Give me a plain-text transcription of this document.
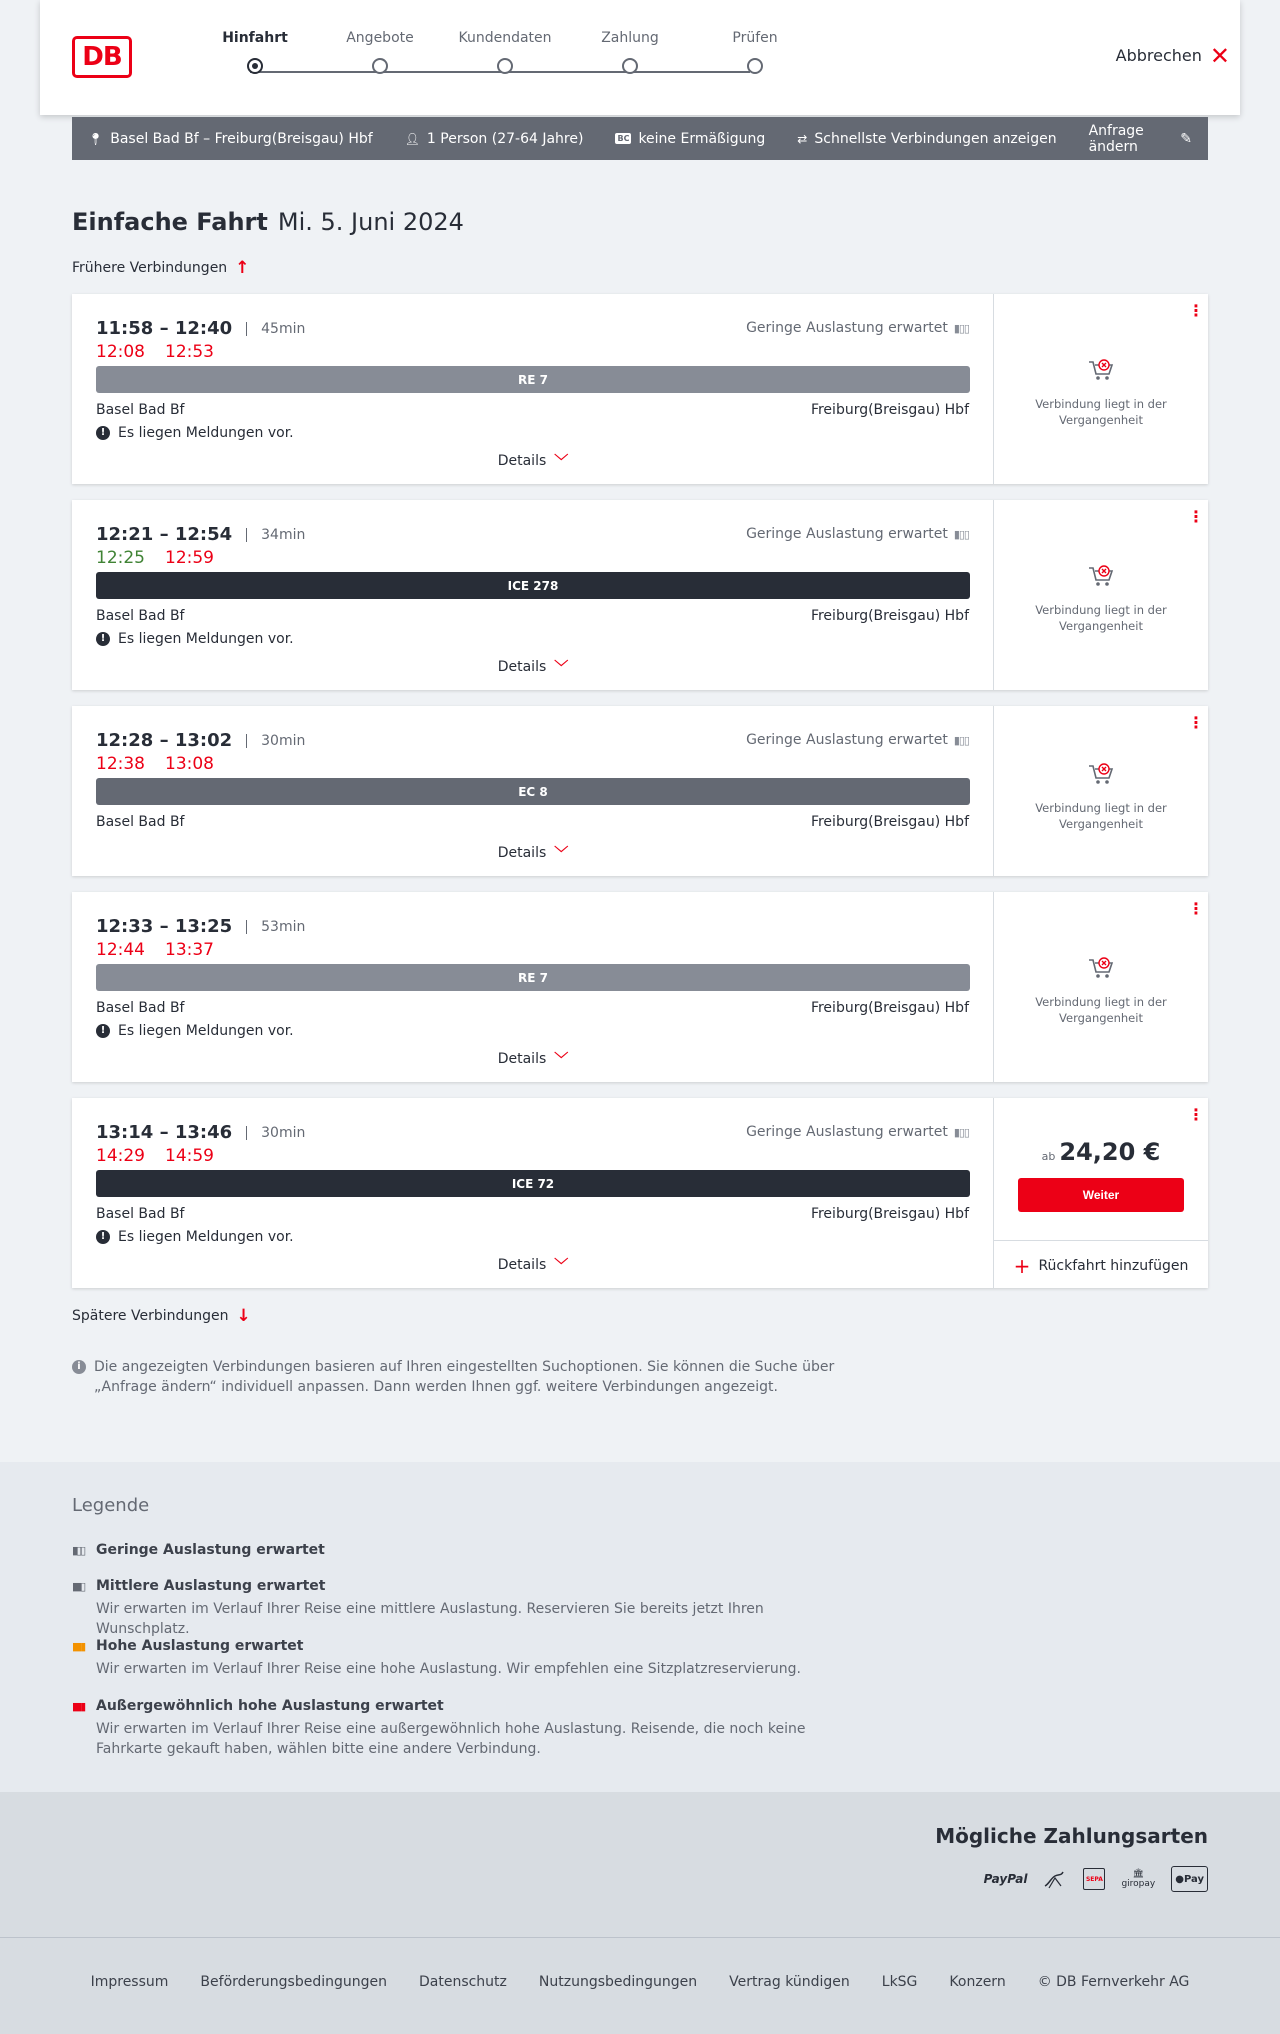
DB
Hinfahrt	Angebote	Kundendaten	Zahlung	Prüfen
Abbrechen ✕
📍︎ Basel Bad Bf – Freiburg(Breisgau) Hbf	👤︎ 1 Person (27-64 Jahre)	BC keine Ermäßigung	⇄ Schnellste Verbindungen anzeigen Anfrage ändern	✎
Einfache Fahrt Mi. 5. Juni 2024
Frühere Verbindungen ↑
11:58 – 12:40 45min
12:08 12:53
Geringe Auslastung erwartet ▮▯▯
RE 7
Basel Bad Bf	Freiburg(Breisgau) Hbf
! Es liegen Meldungen vor.
Details ﹀
⋮
Verbindung liegt in der Vergangenheit
12:21 – 12:54 34min
12:25 12:59
Geringe Auslastung erwartet ▮▯▯
ICE 278
Basel Bad Bf	Freiburg(Breisgau) Hbf
! Es liegen Meldungen vor.
Details ﹀
⋮
Verbindung liegt in der Vergangenheit
12:28 – 13:02 30min
12:38 13:08
Geringe Auslastung erwartet ▮▯▯
EC 8
Basel Bad Bf	Freiburg(Breisgau) Hbf
Details ﹀
⋮
Verbindung liegt in der Vergangenheit
12:33 – 13:25 53min
12:44 13:37
RE 7
Basel Bad Bf	Freiburg(Breisgau) Hbf
! Es liegen Meldungen vor.
Details ﹀
⋮
Verbindung liegt in der Vergangenheit
13:14 – 13:46 30min
14:29 14:59
Geringe Auslastung erwartet ▮▯▯
ICE 72
Basel Bad Bf	Freiburg(Breisgau) Hbf
! Es liegen Meldungen vor.
Details ﹀
⋮
ab 24,20 €
Weiter
+ Rückfahrt hinzufügen
Spätere Verbindungen ↓
i Die angezeigten Verbindungen basieren auf Ihren eingestellten Suchoptionen. Sie können die Suche über „Anfrage ändern“ individuell anpassen. Dann werden Ihnen ggf. weitere Verbindungen angezeigt.
Legende
▮▯▯ Geringe Auslastung erwartet
▮▮▯ Mittlere Auslastung erwartet
Wir erwarten im Verlauf Ihrer Reise eine mittlere Auslastung. Reservieren Sie bereits jetzt Ihren Wunschplatz.
▮▮▮ Hohe Auslastung erwartet
Wir erwarten im Verlauf Ihrer Reise eine hohe Auslastung. Wir empfehlen eine Sitzplatzreservierung.
▮▮▮ Außergewöhnlich hohe Auslastung erwartet
Wir erwarten im Verlauf Ihrer Reise eine außergewöhnlich hohe Auslastung. Reisende, die noch keine Fahrkarte gekauft haben, wählen bitte eine andere Verbindung.
Mögliche Zahlungsarten
PayPal	SEPA	🏛︎
giropay ● Pay
Impressum Beförderungsbedingungen Datenschutz Nutzungsbedingungen Vertrag kündigen LkSG Konzern © DB Fernverkehr AG
